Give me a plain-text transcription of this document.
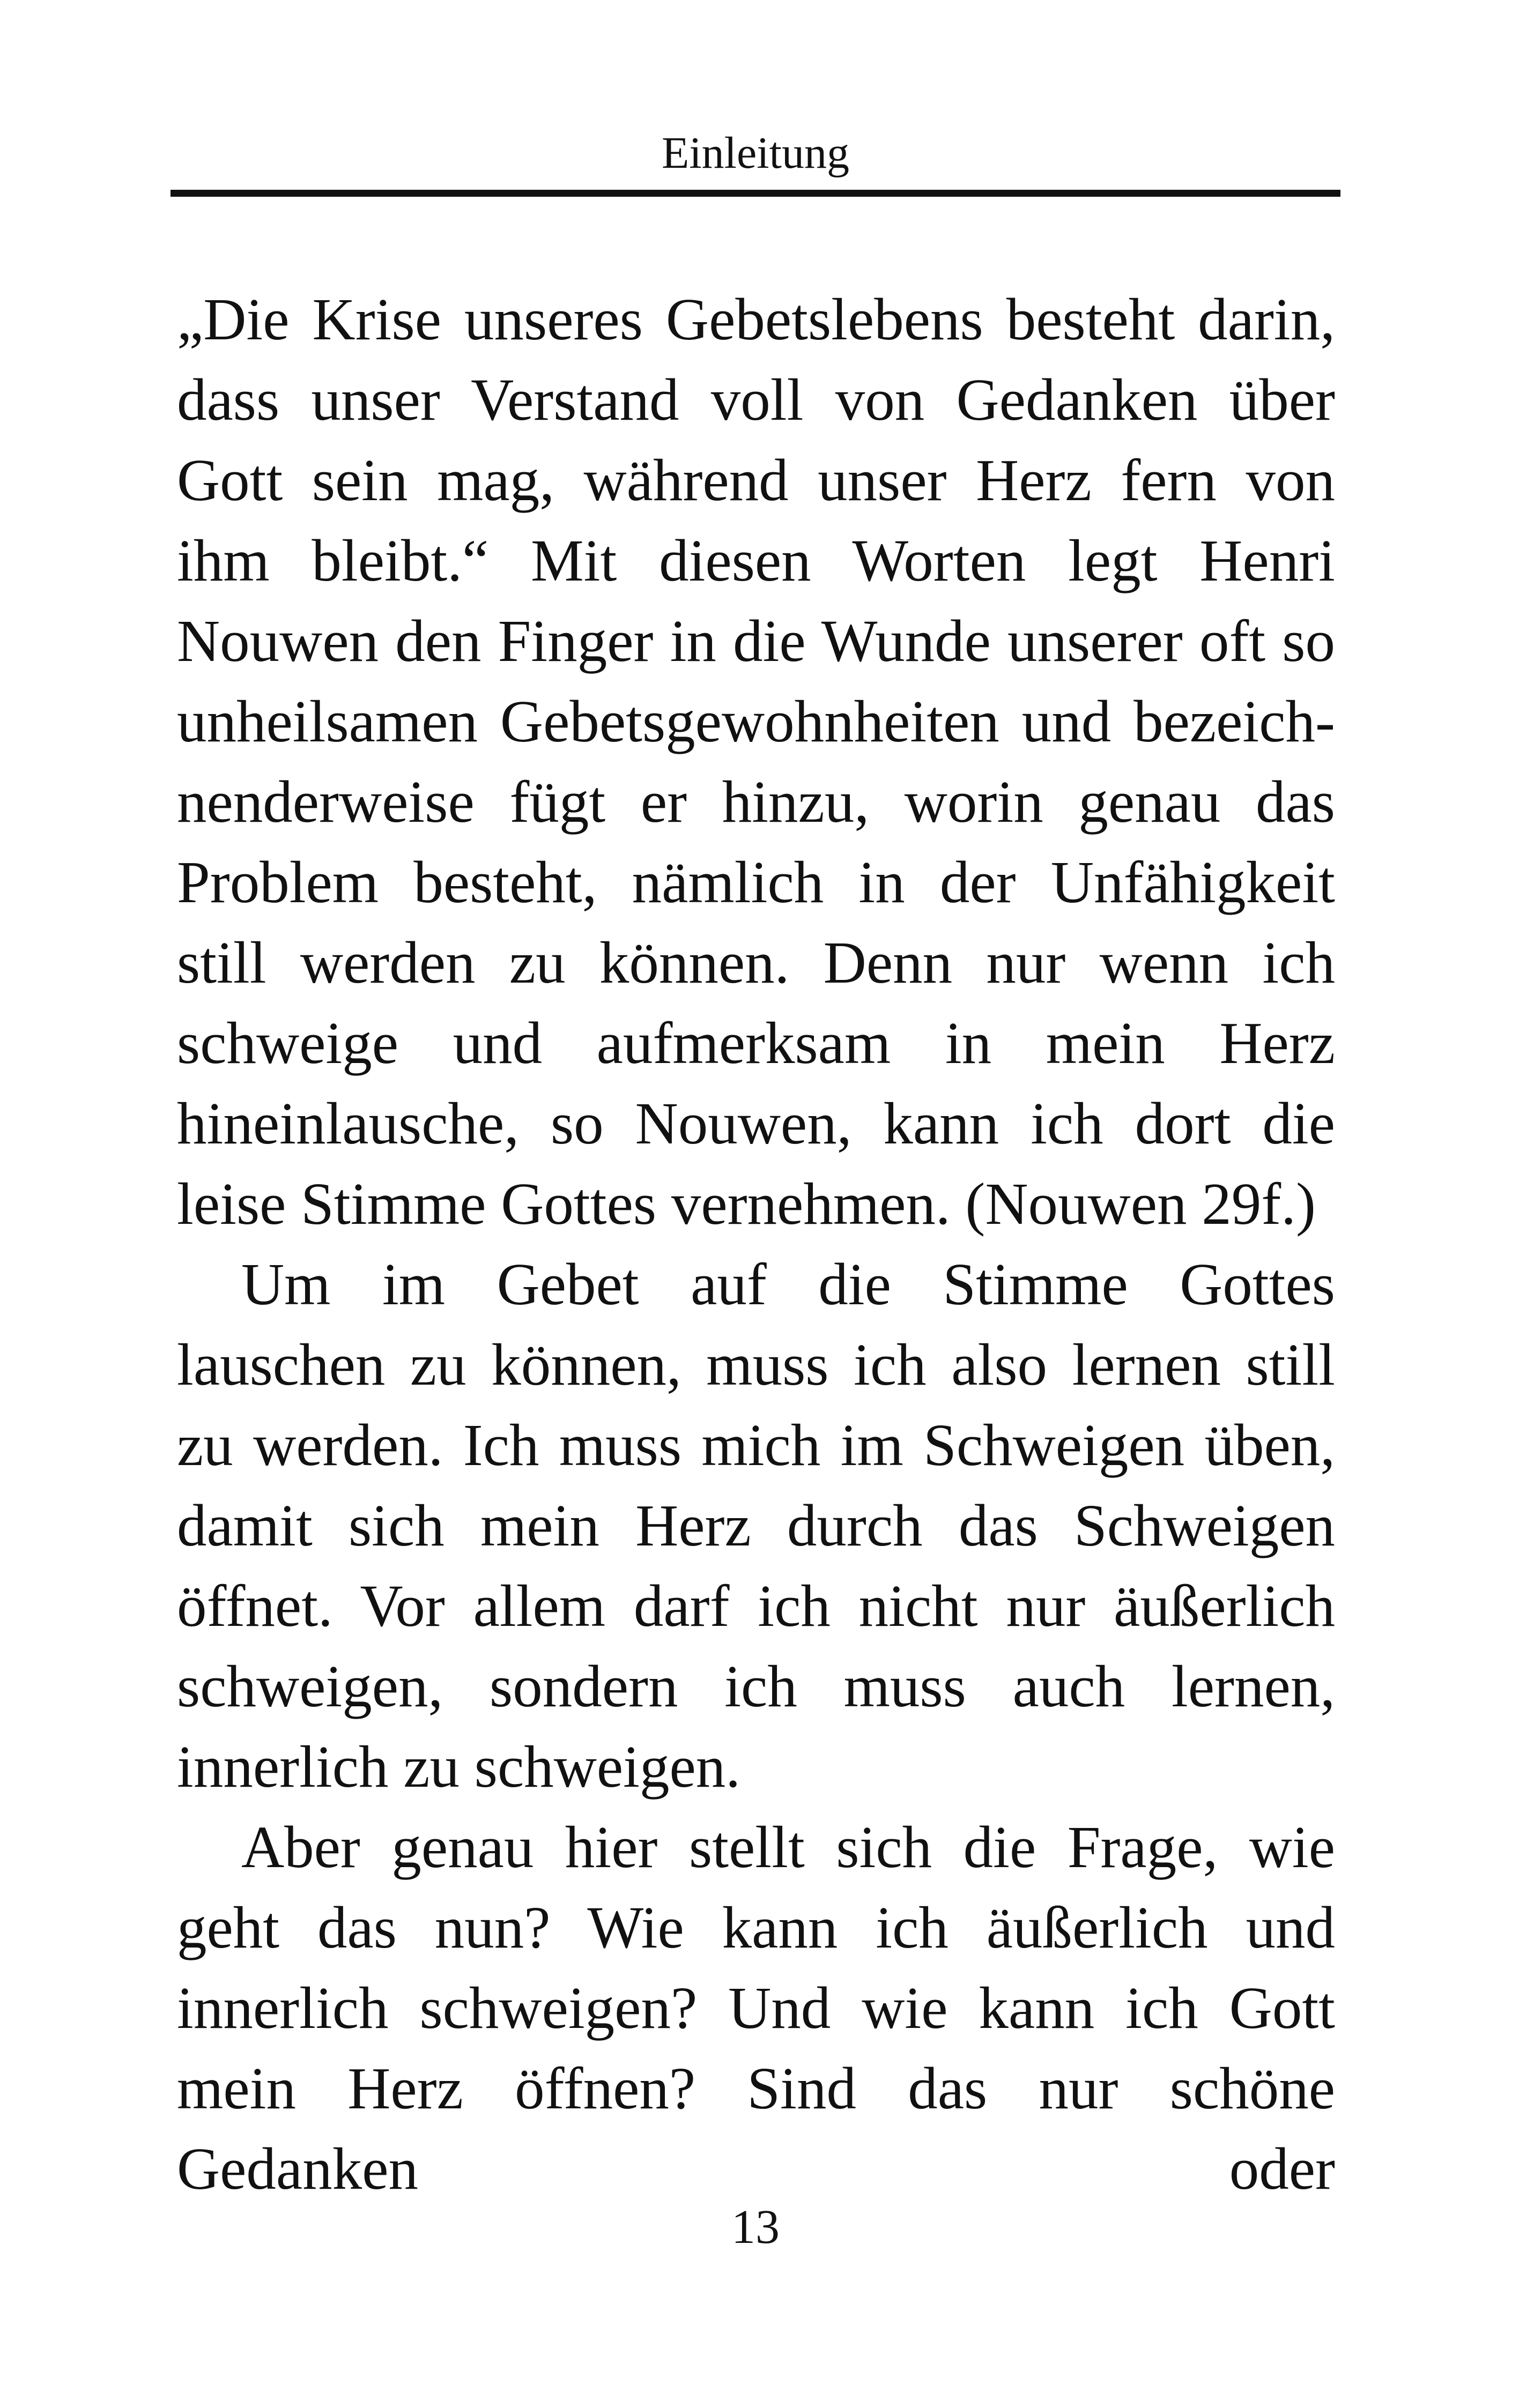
Einleitung

„Die Krise unseres Gebetslebens besteht darin, dass unser Verstand voll von Gedanken über Gott sein mag, während unser Herz fern von ihm bleibt.“ Mit diesen Worten legt Henri Nouwen den Finger in die Wunde unserer oft so unheilsamen Gebetsgewohnheiten und bezeichnenderweise fügt er hinzu, worin genau das Problem besteht, nämlich in der Unfähigkeit still werden zu können. Denn nur wenn ich schweige und aufmerksam in mein Herz hineinlausche, so Nouwen, kann ich dort die leise Stimme Gottes vernehmen. (Nouwen 29f.)

Um im Gebet auf die Stimme Gottes lauschen zu können, muss ich also lernen still zu werden. Ich muss mich im Schweigen üben, damit sich mein Herz durch das Schweigen öffnet. Vor allem darf ich nicht nur äußerlich schweigen, sondern ich muss auch lernen, innerlich zu schweigen.

Aber genau hier stellt sich die Frage, wie geht das nun? Wie kann ich äußerlich und innerlich schweigen? Und wie kann ich Gott mein Herz öffnen? Sind das nur schöne Gedanken oder

13
